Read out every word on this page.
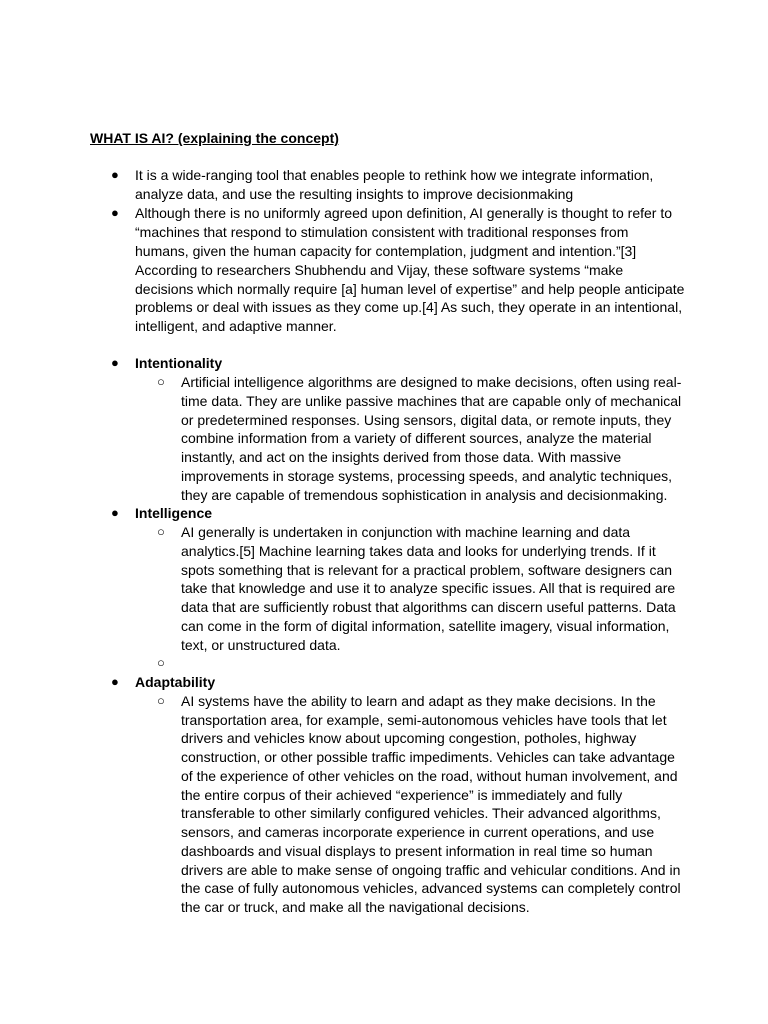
WHAT IS AI? (explaining the concept)
● It is a wide-ranging tool that enables people to rethink how we integrate information,
analyze data, and use the resulting insights to improve decisionmaking
● Although there is no uniformly agreed upon definition, AI generally is thought to refer to
“machines that respond to stimulation consistent with traditional responses from
humans, given the human capacity for contemplation, judgment and intention.”[3]
According to researchers Shubhendu and Vijay, these software systems “make
decisions which normally require [a] human level of expertise” and help people anticipate
problems or deal with issues as they come up.[4] As such, they operate in an intentional,
intelligent, and adaptive manner.
● Intentionality
○ Artificial intelligence algorithms are designed to make decisions, often using real-
time data. They are unlike passive machines that are capable only of mechanical
or predetermined responses. Using sensors, digital data, or remote inputs, they
combine information from a variety of different sources, analyze the material
instantly, and act on the insights derived from those data. With massive
improvements in storage systems, processing speeds, and analytic techniques,
they are capable of tremendous sophistication in analysis and decisionmaking.
● Intelligence
○ AI generally is undertaken in conjunction with machine learning and data
analytics.[5] Machine learning takes data and looks for underlying trends. If it
spots something that is relevant for a practical problem, software designers can
take that knowledge and use it to analyze specific issues. All that is required are
data that are sufficiently robust that algorithms can discern useful patterns. Data
can come in the form of digital information, satellite imagery, visual information,
text, or unstructured data.
○
● Adaptability
○ AI systems have the ability to learn and adapt as they make decisions. In the
transportation area, for example, semi-autonomous vehicles have tools that let
drivers and vehicles know about upcoming congestion, potholes, highway
construction, or other possible traffic impediments. Vehicles can take advantage
of the experience of other vehicles on the road, without human involvement, and
the entire corpus of their achieved “experience” is immediately and fully
transferable to other similarly configured vehicles. Their advanced algorithms,
sensors, and cameras incorporate experience in current operations, and use
dashboards and visual displays to present information in real time so human
drivers are able to make sense of ongoing traffic and vehicular conditions. And in
the case of fully autonomous vehicles, advanced systems can completely control
the car or truck, and make all the navigational decisions.
